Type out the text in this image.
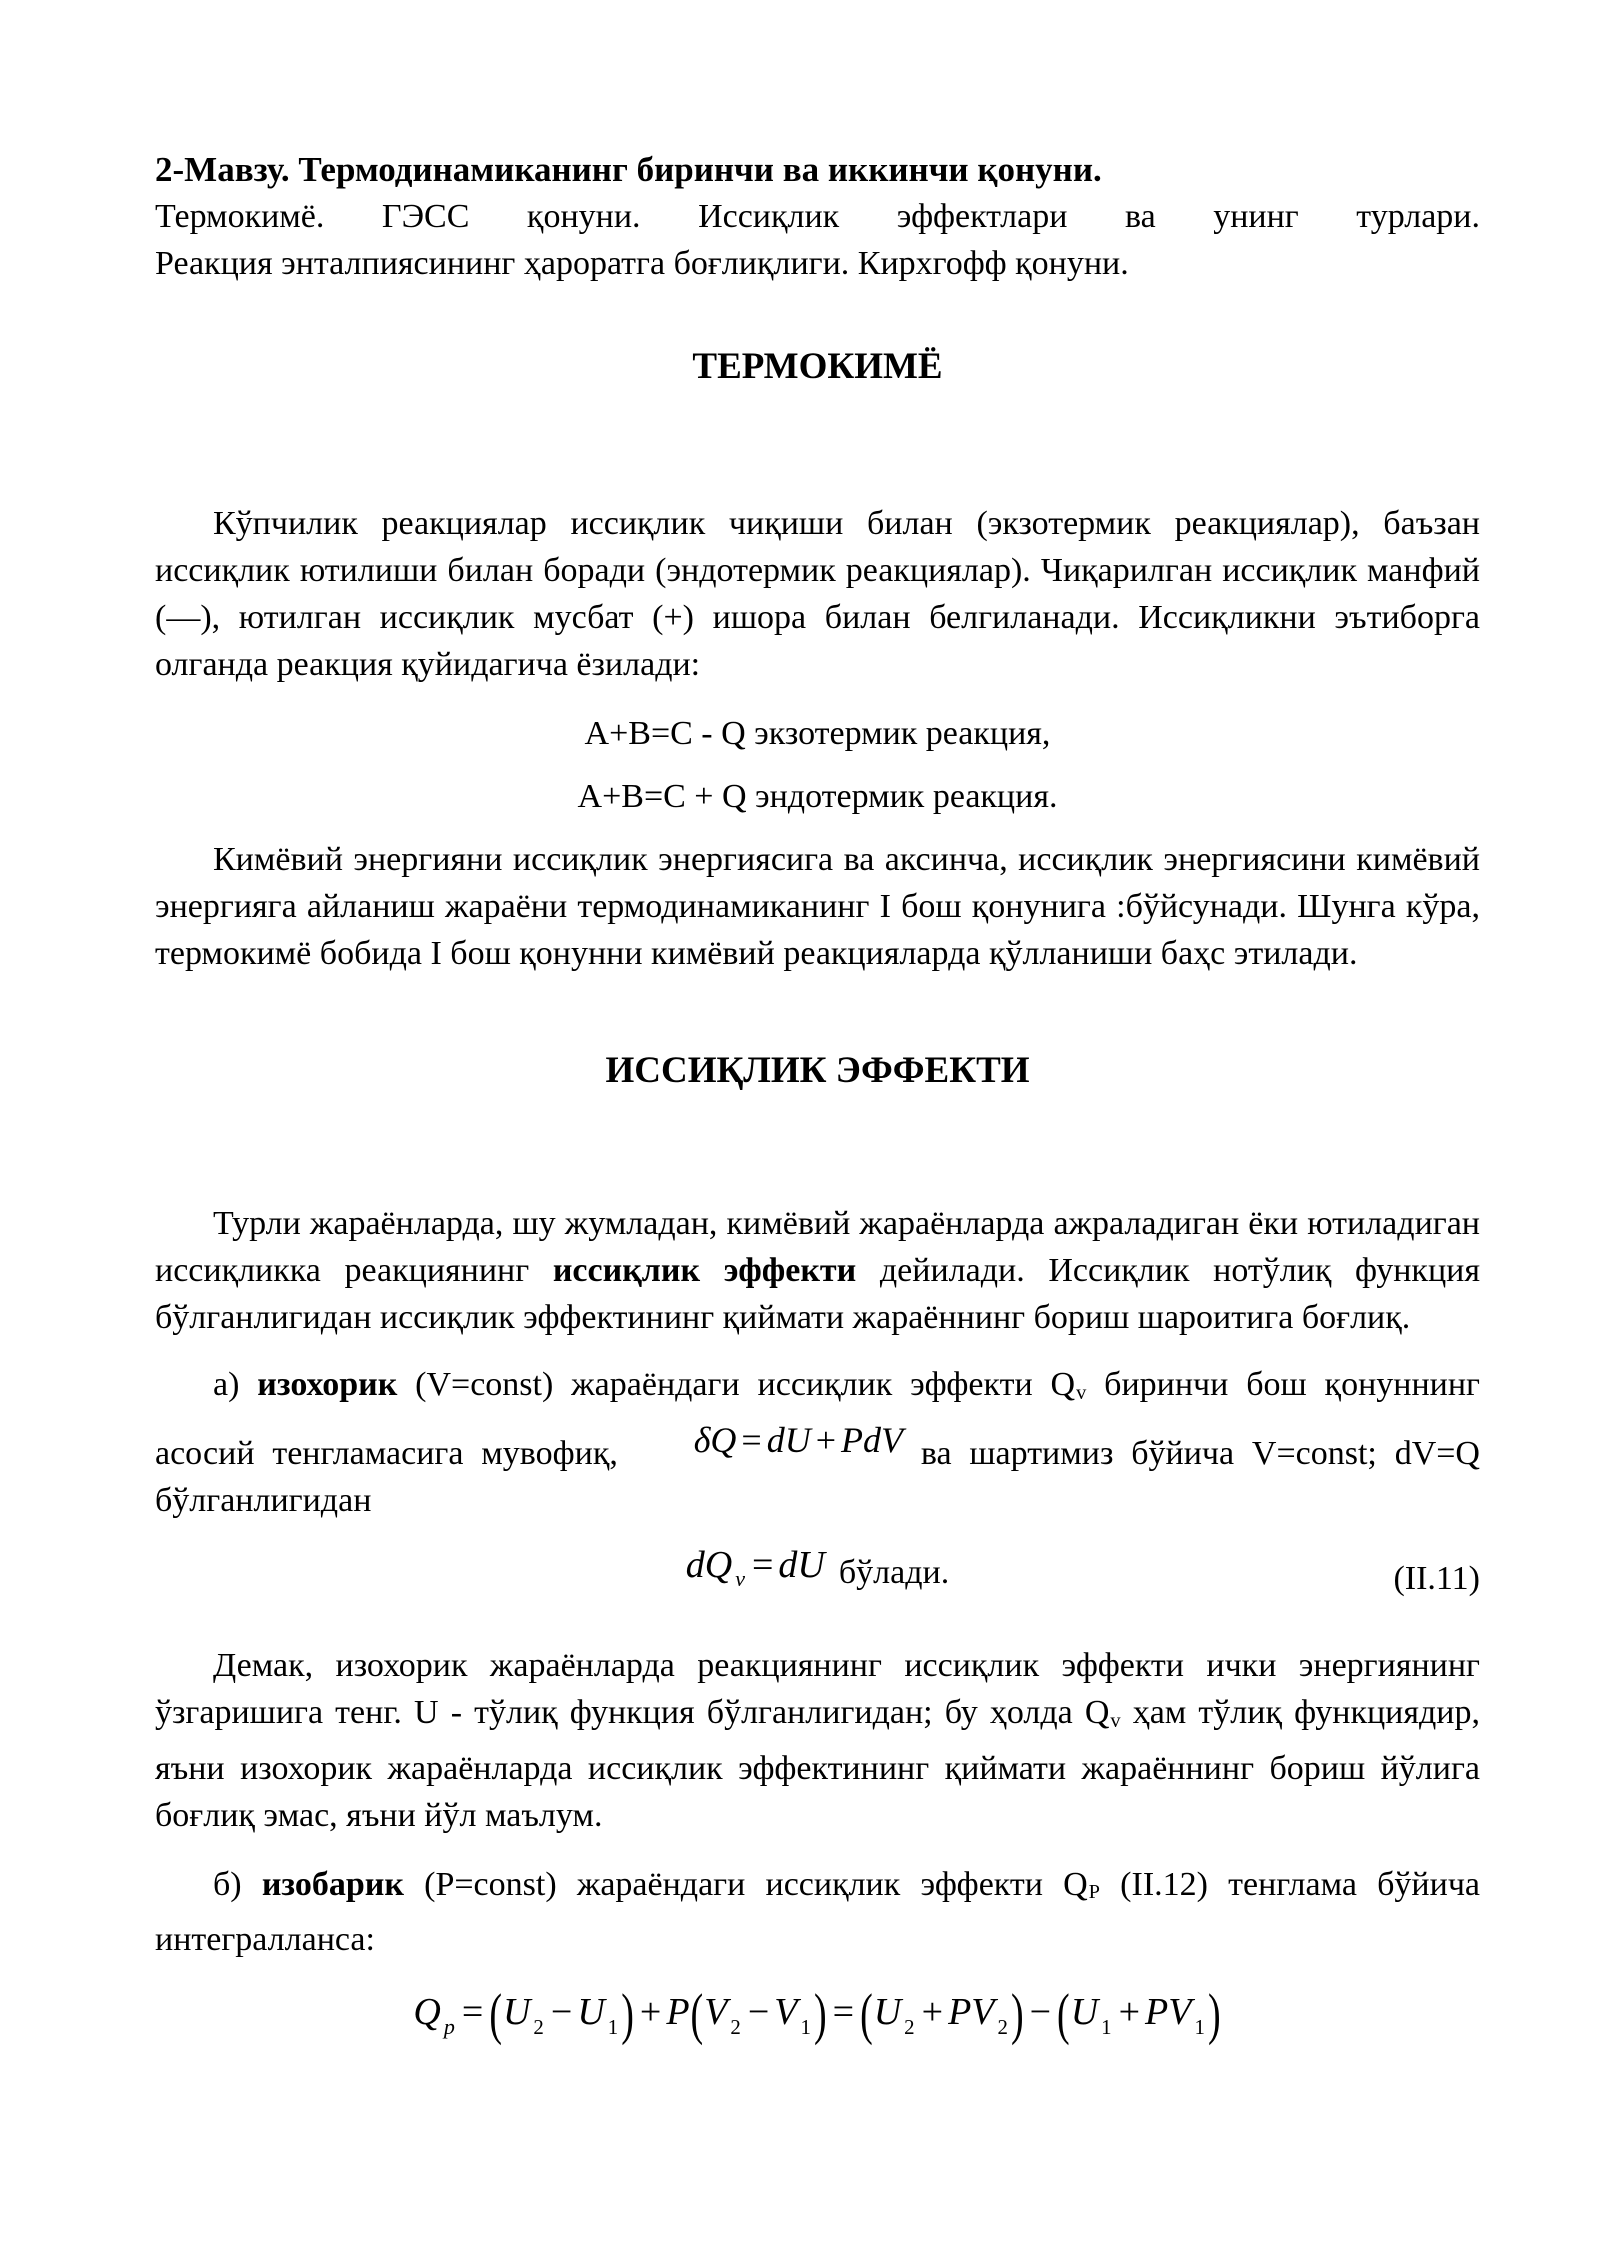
2-Мавзу. Термодинамиканинг биринчи ва иккинчи қонуни.
Термокимё. ГЭСС қонуни. Иссиқлик эффектлари ва унинг турлари.
Реакция энталпиясининг ҳароратга боғлиқлиги. Кирхгофф қонуни.
ТЕРМОКИМЁ

Кўпчилик реакциялар иссиқлик чиқиши билан (экзотермик реакциялар), баъзан иссиқлик ютилиши билан боради (эндотермик реакциялар). Чиқарилган иссиқлик манфий (—), ютилган иссиқлик мусбат (+) ишора билан белгиланади. Иссиқликни эътиборга олганда реакция қуйидагича ёзилади:

А+В=С - Q экзотермик реакция,
А+В=С + Q эндотермик реакция.

Кимёвий энергияни иссиқлик энергиясига ва аксинча, иссиқлик энергиясини кимёвий энергияга айланиш жараёни термодинамиканинг I бош қонунига :бўйсунади. Шунга кўра, термокимё бобида I бош қонунни кимёвий реакцияларда қўлланиши баҳс этилади.

ИССИҚЛИК ЭФФЕКТИ

Турли жараёнларда, шу жумладан, кимёвий жараёнларда ажраладиган ёки ютиладиган иссиқликка реакциянинг иссиқлик эффекти дейилади. Иссиқлик нотўлиқ функция бўлганлигидан иссиқлик эффектининг қиймати жараённинг бориш шароитига боғлиқ.

а) изохорик (V=const) жараёндаги иссиқлик эффекти Qv биринчи бош қонуннинг асосий тенгламасига мувофиқ, δQ = dU + PdV ва шартимиз бўйича V=const; dV=Q бўлганлигидан

dQ $_v$ = dU бўлади.	(II.11)

Демак, изохорик жараёнларда реакциянинг иссиқлик эффекти ички энергиянинг ўзгаришига тенг. U - тўлиқ функция бўлганлигидан; бу ҳолда Qv ҳам тўлиқ функциядир, яъни изохорик жараёнларда иссиқлик эффектининг қиймати жараённинг бориш йўлига боғлиқ эмас, яъни йўл маълум.

б) изобарик (P=const) жараёндаги иссиқлик эффекти QP (II.12) тенглама бўйича интегралланса:

Q $_p$ = (U $_2$ − U $_1$) + P(V $_2$ − V $_1$) = (U $_2$ + PV $_2$) − (U $_1$ + PV $_1$)
